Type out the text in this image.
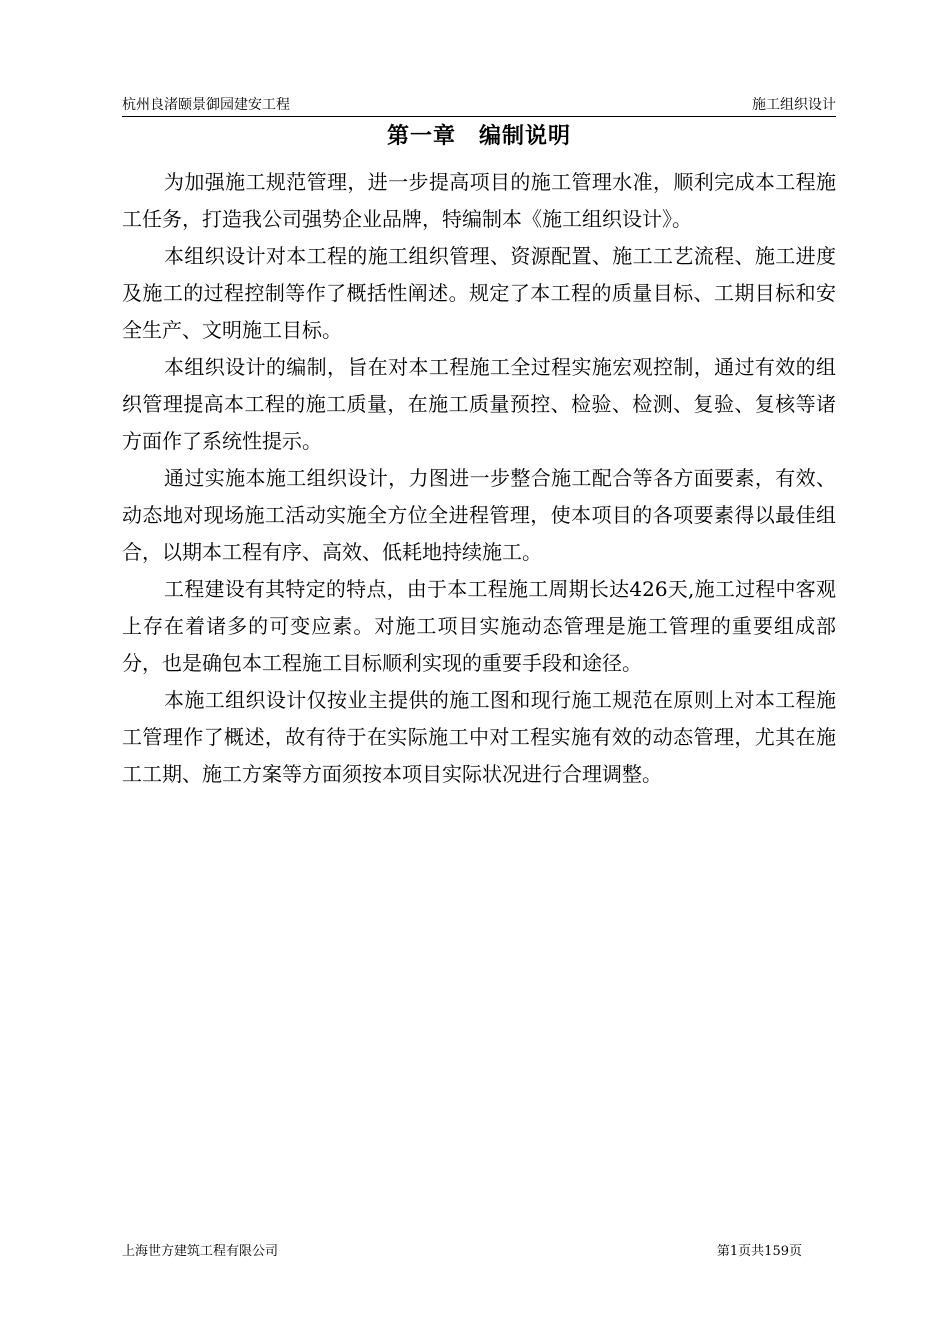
杭州良渚颐景御园建安工程	施工组织设计
第一章　编制说明

为加强施工规范管理，进一步提高项目的施工管理水准，顺利完成本工程施工任务，打造我公司强势企业品牌，特编制本《施工组织设计》。

本组织设计对本工程的施工组织管理、资源配置、施工工艺流程、施工进度及施工的过程控制等作了概括性阐述。规定了本工程的质量目标、工期目标和安全生产、文明施工目标。

本组织设计的编制，旨在对本工程施工全过程实施宏观控制，通过有效的组织管理提高本工程的施工质量，在施工质量预控、检验、检测、复验、复核等诸方面作了系统性提示。

通过实施本施工组织设计，力图进一步整合施工配合等各方面要素，有效、动态地对现场施工活动实施全方位全进程管理，使本项目的各项要素得以最佳组合，以期本工程有序、高效、低耗地持续施工。

工程建设有其特定的特点，由于本工程施工周期长达426天,施工过程中客观上存在着诸多的可变应素。对施工项目实施动态管理是施工管理的重要组成部分，也是确包本工程施工目标顺利实现的重要手段和途径。

本施工组织设计仅按业主提供的施工图和现行施工规范在原则上对本工程施工管理作了概述，故有待于在实际施工中对工程实施有效的动态管理，尤其在施工工期、施工方案等方面须按本项目实际状况进行合理调整。

上海世方建筑工程有限公司	第1页共159页
